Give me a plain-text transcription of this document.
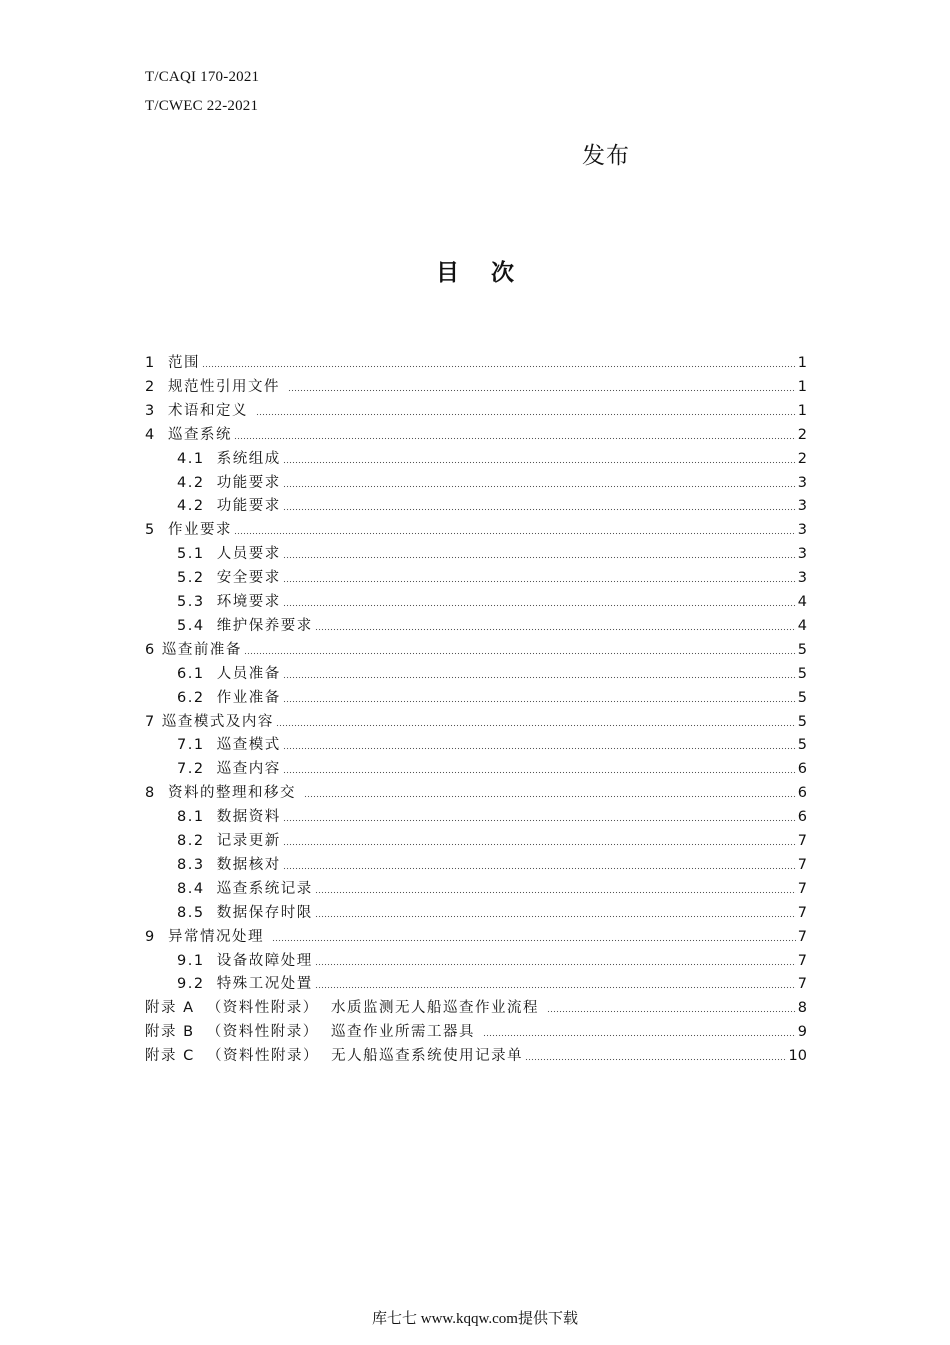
T/CAQI 170-2021
T/CWEC 22-2021
发布
目 次
1  范围	1
2  规范性引用文件	1
3  术语和定义	1
4  巡查系统	2
4.1  系统组成	2
4.2  功能要求	3
4.2  功能要求	3
5  作业要求	3
5.1  人员要求	3
5.2  安全要求	3
5.3  环境要求	4
5.4  维护保养要求	4
6 巡查前准备	5
6.1  人员准备	5
6.2  作业准备	5
7 巡查模式及内容	5
7.1  巡查模式	5
7.2  巡查内容	6
8  资料的整理和移交	6
8.1  数据资料	6
8.2  记录更新	7
8.3  数据核对	7
8.4  巡查系统记录	7
8.5  数据保存时限	7
9  异常情况处理	7
9.1  设备故障处理	7
9.2  特殊工况处置	7
附录 A  （资料性附录）  水质监测无人船巡查作业流程	8
附录 B  （资料性附录）  巡查作业所需工器具	9
附录 C  （资料性附录）  无人船巡查系统使用记录单	10
库七七 www.kqqw.com提供下载
